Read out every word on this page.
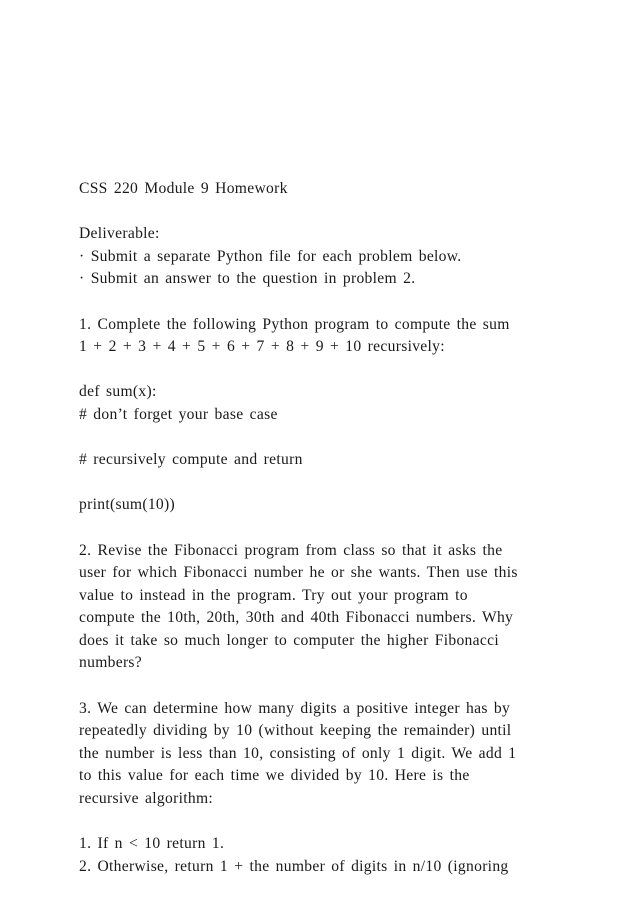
CSS 220 Module 9 Homework
Deliverable:
· Submit a separate Python file for each problem below.
· Submit an answer to the question in problem 2.
1. Complete the following Python program to compute the sum
1 + 2 + 3 + 4 + 5 + 6 + 7 + 8 + 9 + 10 recursively:
def sum(x):
# don’t forget your base case
# recursively compute and return
print(sum(10))
2. Revise the Fibonacci program from class so that it asks the
user for which Fibonacci number he or she wants. Then use this
value to instead in the program. Try out your program to
compute the 10th, 20th, 30th and 40th Fibonacci numbers. Why
does it take so much longer to computer the higher Fibonacci
numbers?
3. We can determine how many digits a positive integer has by
repeatedly dividing by 10 (without keeping the remainder) until
the number is less than 10, consisting of only 1 digit. We add 1
to this value for each time we divided by 10. Here is the
recursive algorithm:
1. If n < 10 return 1.
2. Otherwise, return 1 + the number of digits in n/10 (ignoring
